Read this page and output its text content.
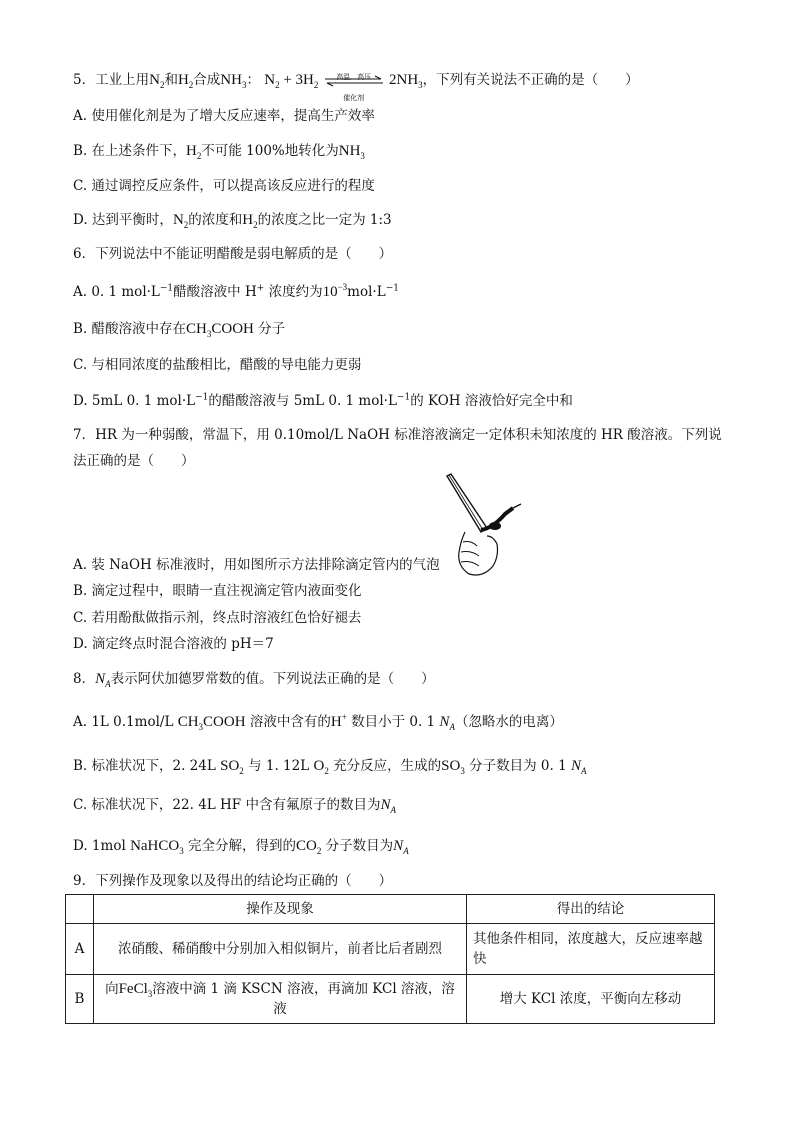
5．工业上用$N_2$和$H_2$合成$NH_3$： $N_2 + 3H_2$
高温、高压
催化剂
$2NH_3$，下列有关说法不正确的是（　　）
A. 使用催化剂是为了增大反应速率，提高生产效率
B. 在上述条件下，$H_2$不可能 100%地转化为$NH_3$
C. 通过调控反应条件，可以提高该反应进行的程度
D. 达到平衡时，$N_2$的浓度和$H_2$的浓度之比一定为 1:3
6．下列说法中不能证明醋酸是弱电解质的是（　　）
A. 0. 1 $mol\cdot L^{-1}$醋酸溶液中 H+ 浓度约为$10^{-3}mol\cdot L^{-1}$
B. 醋酸溶液中存在$CH_3COOH$ 分子
C. 与相同浓度的盐酸相比，醋酸的导电能力更弱
D. 5mL 0. 1 $mol\cdot L^{-1}$的醋酸溶液与 5mL 0. 1 $mol\cdot L^{-1}$的 KOH 溶液恰好完全中和
7．HR 为一种弱酸，常温下，用 0.10mol/L NaOH 标准溶液滴定一定体积未知浓度的 HR 酸溶液。下列说
法正确的是（　　）
A. 装 NaOH 标准液时，用如图所示方法排除滴定管内的气泡
B. 滴定过程中，眼睛一直注视滴定管内液面变化
C. 若用酚酞做指示剂，终点时溶液红色恰好褪去
D. 滴定终点时混合溶液的 pH＝7
8．$N_A$表示阿伏加德罗常数的值。下列说法正确的是（　　）
A. 1L 0.1mol/L $CH_3COOH$ 溶液中含有的H+ 数目小于 0. 1 $N_A$（忽略水的电离）
B. 标准状况下，2. 24L $SO_2$ 与 1. 12L $O_2$ 充分反应，生成的$SO_3$ 分子数目为 0. 1 $N_A$
C. 标准状况下，22. 4L HF 中含有氟原子的数目为$N_A$
D. 1mol NaHCO$_3$ 完全分解，得到的$CO_2$ 分子数目为$N_A$
9．下列操作及现象以及得出的结论均正确的（　　）
	操作及现象	得出的结论
A	浓硝酸、稀硝酸中分别加入相似铜片，前者比后者剧烈	其他条件相同，浓度越大，反应速率越快
B	向FeCl$_3$溶液中滴 1 滴 KSCN 溶液，再滴加 KCl 溶液，溶液	增大 KCl 浓度，平衡向左移动
